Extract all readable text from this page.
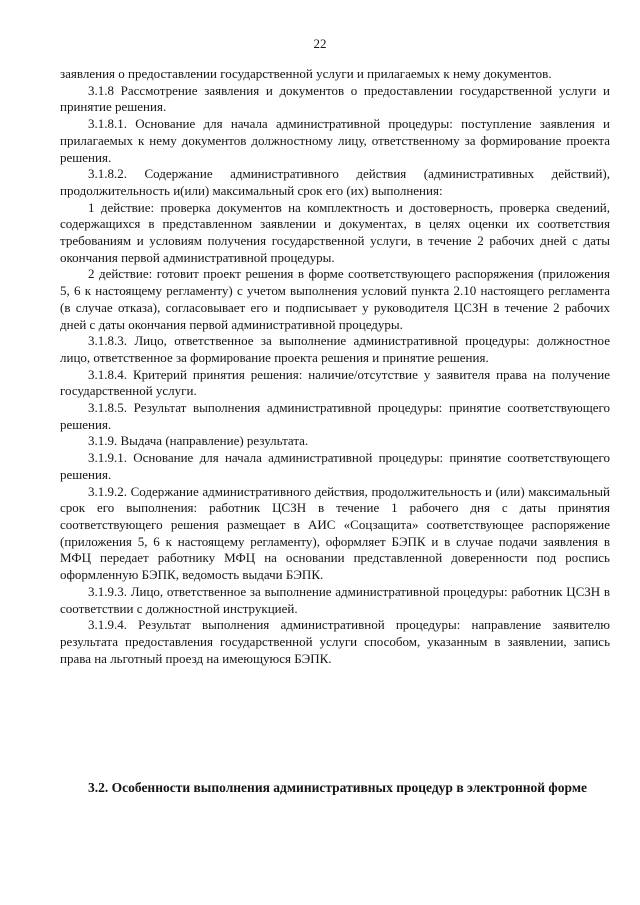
22

заявления о предоставлении государственной услуги и прилагаемых к нему документов.

3.1.8 Рассмотрение заявления и документов о предоставлении государственной услуги и принятие решения.

3.1.8.1. Основание для начала административной процедуры: поступление заявления и прилагаемых к нему документов должностному лицу, ответственному за формирование проекта решения.

3.1.8.2. Содержание административного действия (административных действий), продолжительность и(или) максимальный срок его (их) выполнения:

1 действие: проверка документов на комплектность и достоверность, проверка сведений, содержащихся в представленном заявлении и документах, в целях оценки их соответствия требованиям и условиям получения государственной услуги, в течение 2 рабочих дней с даты окончания первой административной процедуры.

2 действие: готовит проект решения в форме соответствующего распоряжения (приложения 5, 6 к настоящему регламенту) с учетом выполнения условий пункта 2.10 настоящего регламента (в случае отказа), согласовывает его и подписывает у руководителя ЦСЗН в течение 2 рабочих дней с даты окончания первой административной процедуры.

3.1.8.3. Лицо, ответственное за выполнение административной процедуры: должностное лицо, ответственное за формирование проекта решения и принятие решения.

3.1.8.4. Критерий принятия решения: наличие/отсутствие у заявителя права на получение государственной услуги.

3.1.8.5. Результат выполнения административной процедуры: принятие соответствующего решения.

3.1.9. Выдача (направление) результата.

3.1.9.1. Основание для начала административной процедуры: принятие соответствующего решения.

3.1.9.2. Содержание административного действия, продолжительность и (или) максимальный срок его выполнения: работник ЦСЗН в течение 1 рабочего дня с даты принятия соответствующего решения размещает в АИС «Соцзащита» соответствующее распоряжение (приложения 5, 6 к настоящему регламенту), оформляет БЭПК и в случае подачи заявления в МФЦ передает работнику МФЦ на основании представленной доверенности под роспись оформленную БЭПК, ведомость выдачи БЭПК.

3.1.9.3. Лицо, ответственное за выполнение административной процедуры: работник ЦСЗН в соответствии с должностной инструкцией.

3.1.9.4. Результат выполнения административной процедуры: направление заявителю результата предоставления государственной услуги способом, указанным в заявлении, запись права на льготный проезд на имеющуюся БЭПК.

3.2. Особенности выполнения административных процедур в электронной форме
